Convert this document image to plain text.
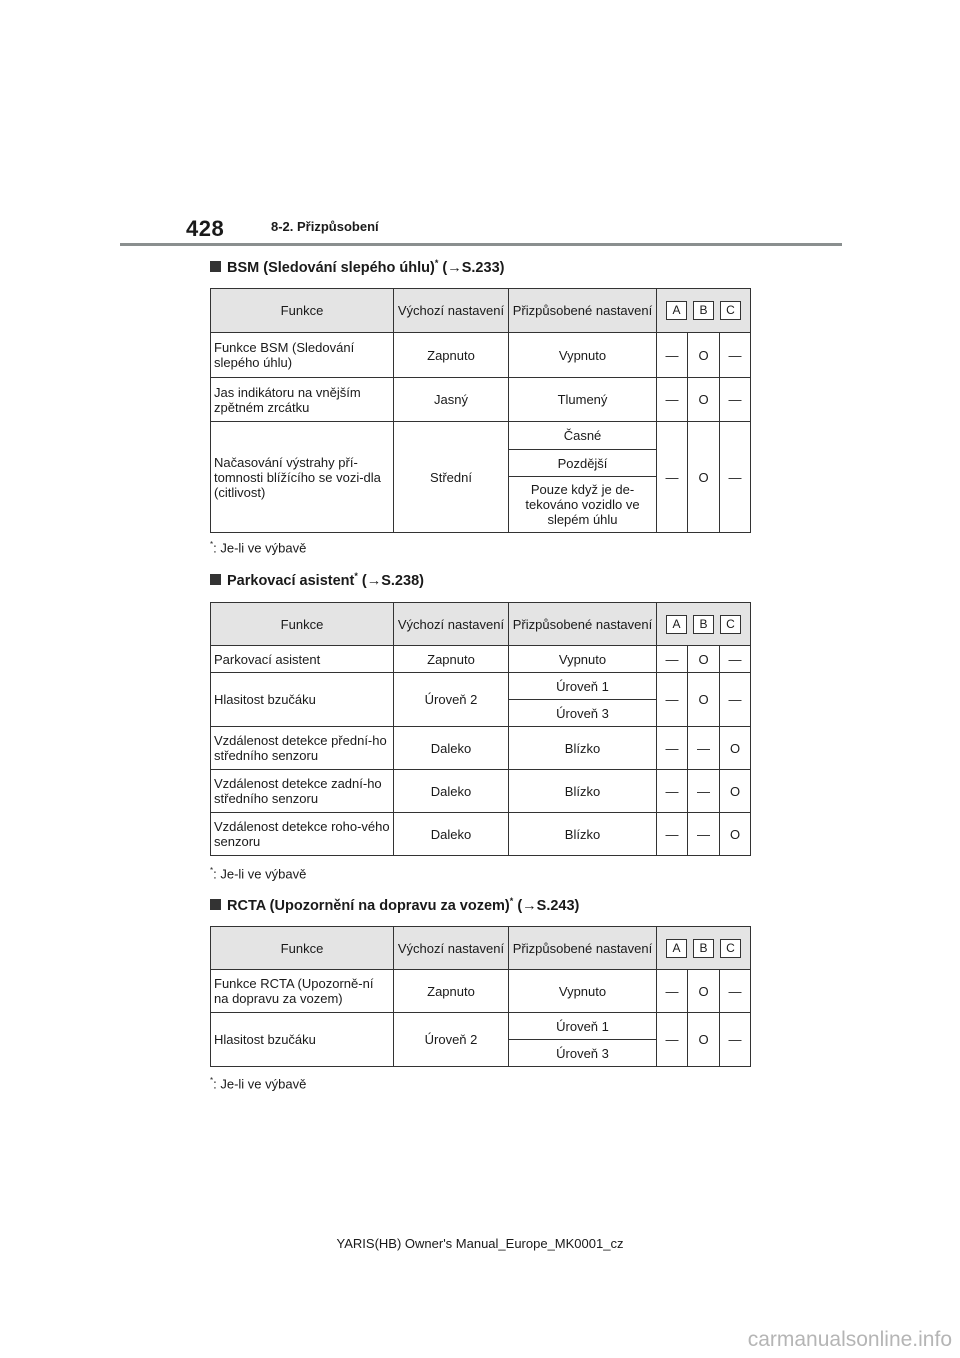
428	8-2. Přizpůsobení
BSM (Sledování slepého úhlu)* (→S.233)
Funkce	Výchozí nastavení	Přizpůsobené nastavení	A B C		
Funkce BSM (Sledování slepého úhlu)	Zapnuto	Vypnuto	—	O	—
Jas indikátoru na vnějším zpětném zrcátku	Jasný	Tlumený	—	O	—
Načasování výstrahy pří-tomnosti blížícího se vozi-dla (citlivost)	Střední	Časné	—	O	—
		Pozdější			
		Pouze když je de-tekováno vozidlo ve slepém úhlu			
*: Je-li ve výbavě
Parkovací asistent* (→S.238)
Funkce	Výchozí nastavení	Přizpůsobené nastavení	A B C		
Parkovací asistent	Zapnuto	Vypnuto	—	O	—
Hlasitost bzučáku	Úroveň 2	Úroveň 1	—	O	—
		Úroveň 3			
Vzdálenost detekce přední-ho středního senzoru	Daleko	Blízko	—	—	O
Vzdálenost detekce zadní-ho středního senzoru	Daleko	Blízko	—	—	O
Vzdálenost detekce roho-vého senzoru	Daleko	Blízko	—	—	O
*: Je-li ve výbavě
RCTA (Upozornění na dopravu za vozem)* (→S.243)
Funkce	Výchozí nastavení	Přizpůsobené nastavení	A B C		
Funkce RCTA (Upozorně-ní na dopravu za vozem)	Zapnuto	Vypnuto	—	O	—
Hlasitost bzučáku	Úroveň 2	Úroveň 1	—	O	—
		Úroveň 3			
*: Je-li ve výbavě
YARIS(HB) Owner's Manual_Europe_MK0001_cz
carmanualsonline.info
